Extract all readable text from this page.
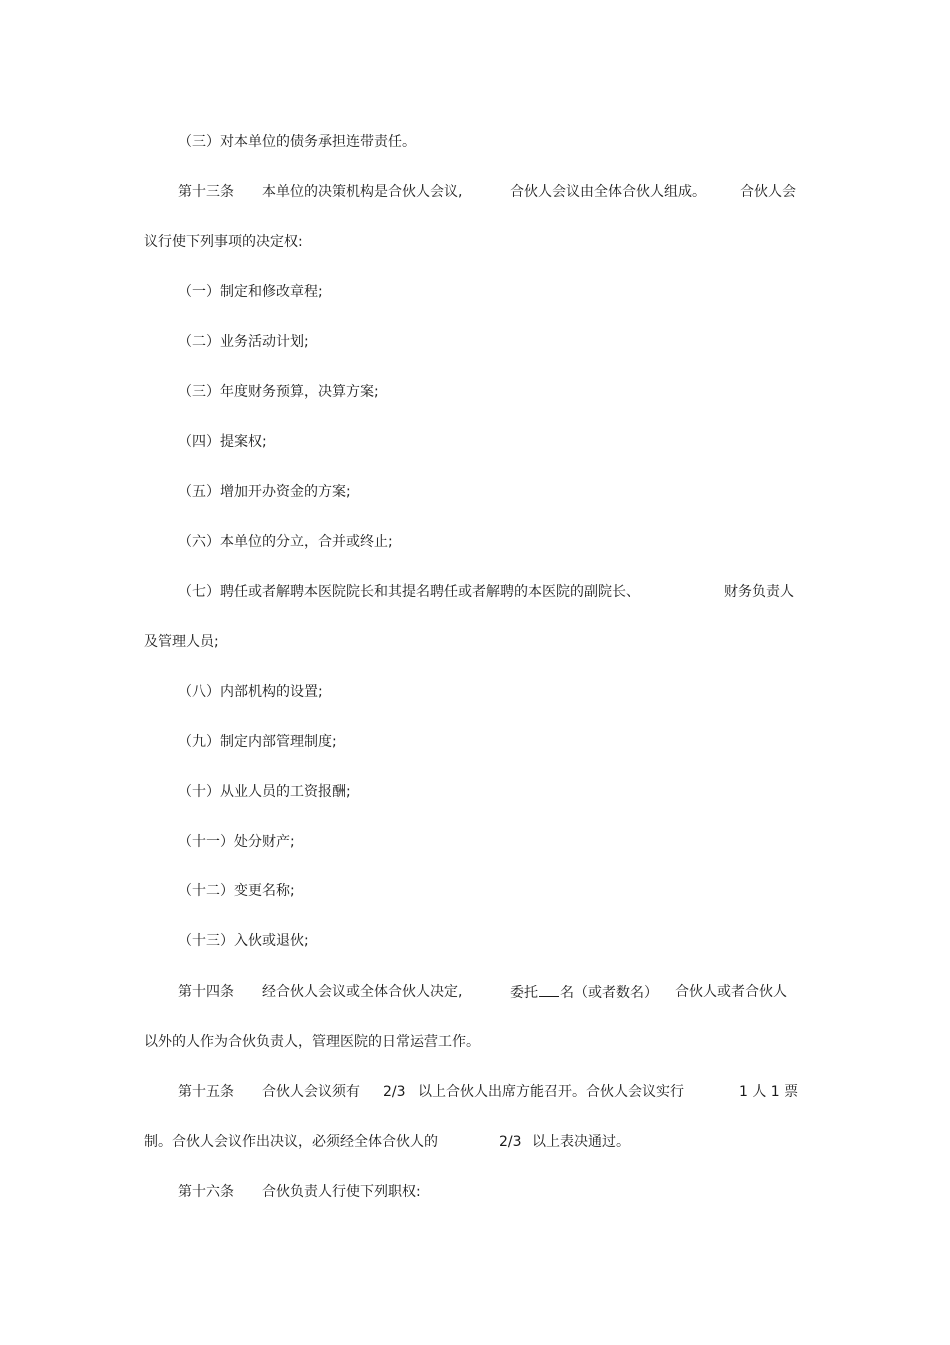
（三）对本单位的债务承担连带责任。
第十三条 本单位的决策机构是合伙人会议,	合伙人会议由全体合伙人组成。 合伙人会
议行使下列事项的决定权:
（一）制定和修改章程;
（二）业务活动计划;
（三）年度财务预算，决算方案;
（四）提案权;
（五）增加开办资金的方案;
（六）本单位的分立，合并或终止;
（七）聘任或者解聘本医院院长和其提名聘任或者解聘的本医院的副院长、	财务负责人
及管理人员;
（八）内部机构的设置;
（九）制定内部管理制度;
（十）从业人员的工资报酬;
（十一）处分财产;
（十二）变更名称;
（十三）入伙或退伙;
第十四条 经合伙人会议或全体合伙人决定,	委托 名（或者数名） 合伙人或者合伙人
以外的人作为合伙负责人，管理医院的日常运营工作。
第十五条 合伙人会议须有 2/3 以上合伙人出席方能召开。合伙人会议实行	1 人 1 票
制。合伙人会议作出决议，必须经全体合伙人的	2/3 以上表决通过。
第十六条 合伙负责人行使下列职权:
